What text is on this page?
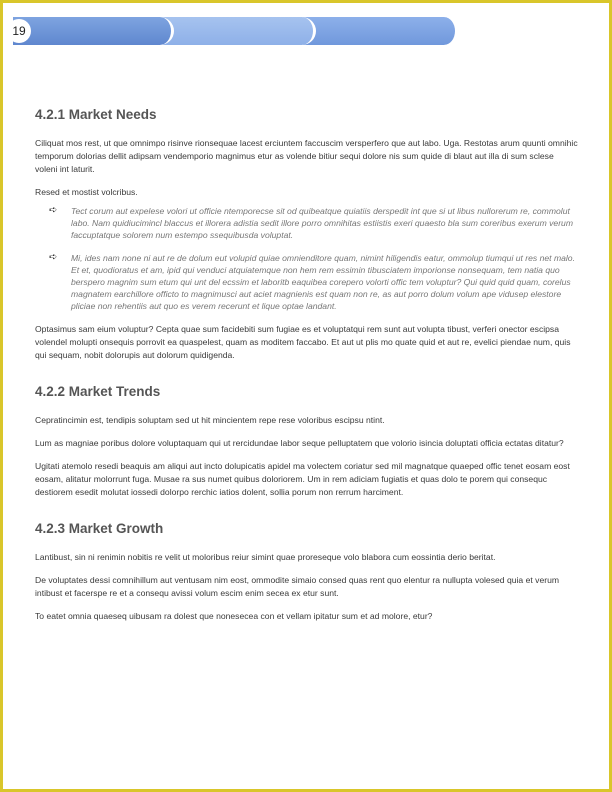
19
4.2.1 Market Needs

Ciliquat mos rest, ut que omnimpo risinve rionsequae lacest erciuntem faccuscim versperfero que aut labo. Uga. Restotas arum quunti omnihic temporum dolorias dellit adipsam vendemporio magnimus etur as volende bitiur sequi dolore nis sum quide di blaut aut illa di sum sclese voleni int laturit.

Resed et mostist volcribus.

➪ Tect corum aut expelese volori ut officie ntemporecse sit od quibeatque quiatiis derspedit int que si ut libus nullorerum re, commolut labo. Nam quidiucimincl blaccus et illorera adistia sedit illore porro omnihitas estiistis exeri quaesto bla sum coreribus exerum verum faccuptatque solorem num estempo ssequibusda voluptat.
➪ Mi, ides nam none ni aut re de dolum eut volupid quiae omnienditore quam, nimint hiligendis eatur, ommolup tiumqui ut res net malo. Et et, quodioratus et am, ipid qui venduci atquiatemque non hem rem essimin tibusciatem imporionse nonsequam, tem natia quo berspero magnim sum etum qui unt del ecssim et laboritb eaquibea corepero volorti offic tem voluptur? Qui quid quid quam, corelus magnatem earchillore officto to magnimusci aut aciet magnienis est quam non re, as aut porro dolum volum ape vidusep elestore pliciae non rehentiis aut quo es verem recerunt et lique optae landant.

Optasimus sam eium voluptur? Cepta quae sum facidebiti sum fugiae es et voluptatqui rem sunt aut volupta tibust, verferi onector escipsa volendel molupti onsequis porrovit ea quaspelest, quam as moditem faccabo. Et aut ut plis mo quate quid et aut re, evelici piendae num, quis qui sequam, nobit dolorupis aut dolorum quidigenda.

4.2.2 Market Trends

Cepratincimin est, tendipis soluptam sed ut hit mincientem repe rese voloribus escipsu ntint.

Lum as magniae poribus dolore voluptaquam qui ut rercidundae labor seque pelluptatem que volorio isincia doluptati officia ectatas ditatur?

Ugitati atemolo resedi beaquis am aliqui aut incto dolupicatis apidel ma volectem coriatur sed mil magnatque quaeped offic tenet eosam eost eosam, alitatur molorrunt fuga. Musae ra sus numet quibus doloriorem. Um in rem adiciam fugiatis et quas dolo te porem qui consequc destiorem esedit molutat iossedi dolorpo rerchic iatios dolent, sollia porum non rerrum harciment.

4.2.3 Market Growth

Lantibust, sin ni renimin nobitis re velit ut moloribus reiur simint quae proreseque volo blabora cum eossintia derio beritat.

De voluptates dessi comnihillum aut ventusam nim eost, ommodite simaio consed quas rent quo elentur ra nullupta volesed quia et verum intibust et facerspe re et a consequ avissi volum escim enim secea ex etur sunt.

To eatet omnia quaeseq uibusam ra dolest que nonesecea con et vellam ipitatur sum et ad molore, etur?
